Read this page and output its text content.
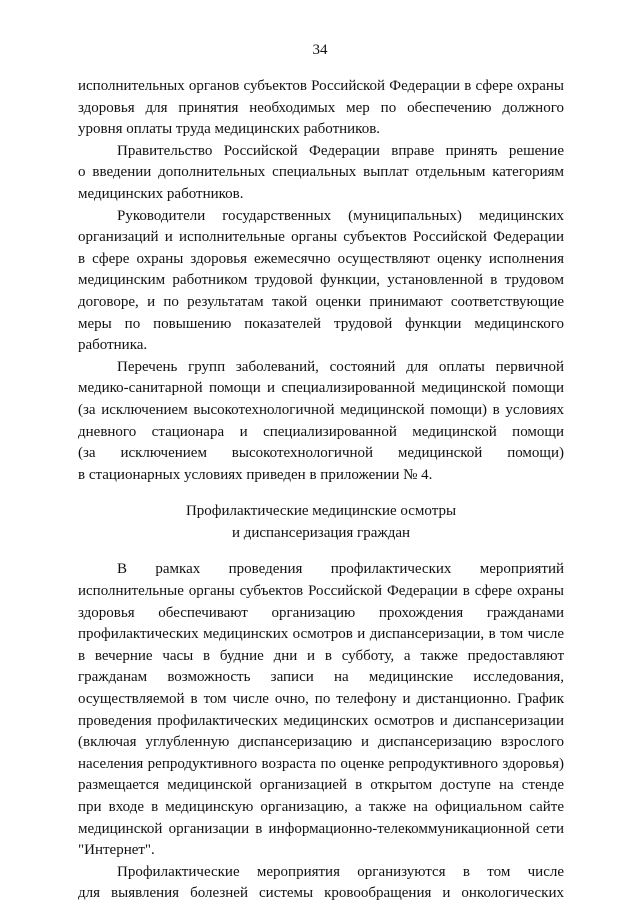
34
исполнительных органов субъектов Российской Федерации в сфере охраны
здоровья для принятия необходимых мер по обеспечению должного
уровня оплаты труда медицинских работников.
Правительство Российской Федерации вправе принять решение
о введении дополнительных специальных выплат отдельным категориям
медицинских работников.
Руководители государственных (муниципальных) медицинских
организаций и исполнительные органы субъектов Российской Федерации
в сфере охраны здоровья ежемесячно осуществляют оценку исполнения
медицинским работником трудовой функции, установленной в трудовом
договоре, и по результатам такой оценки принимают соответствующие
меры по повышению показателей трудовой функции медицинского
работника.
Перечень групп заболеваний, состояний для оплаты первичной
медико-санитарной помощи и специализированной медицинской помощи
(за исключением высокотехнологичной медицинской помощи) в условиях
дневного стационара и специализированной медицинской помощи
(за исключением высокотехнологичной медицинской помощи)
в стационарных условиях приведен в приложении № 4.
Профилактические медицинские осмотры
и диспансеризация граждан
В рамках проведения профилактических мероприятий
исполнительные органы субъектов Российской Федерации в сфере охраны
здоровья обеспечивают организацию прохождения гражданами
профилактических медицинских осмотров и диспансеризации, в том числе
в вечерние часы в будние дни и в субботу, а также предоставляют
гражданам возможность записи на медицинские исследования,
осуществляемой в том числе очно, по телефону и дистанционно. График
проведения профилактических медицинских осмотров и диспансеризации
(включая углубленную диспансеризацию и диспансеризацию взрослого
населения репродуктивного возраста по оценке репродуктивного здоровья)
размещается медицинской организацией в открытом доступе на стенде
при входе в медицинскую организацию, а также на официальном сайте
медицинской организации в информационно-телекоммуникационной сети
"Интернет".
Профилактические мероприятия организуются в том числе
для выявления болезней системы кровообращения и онкологических
